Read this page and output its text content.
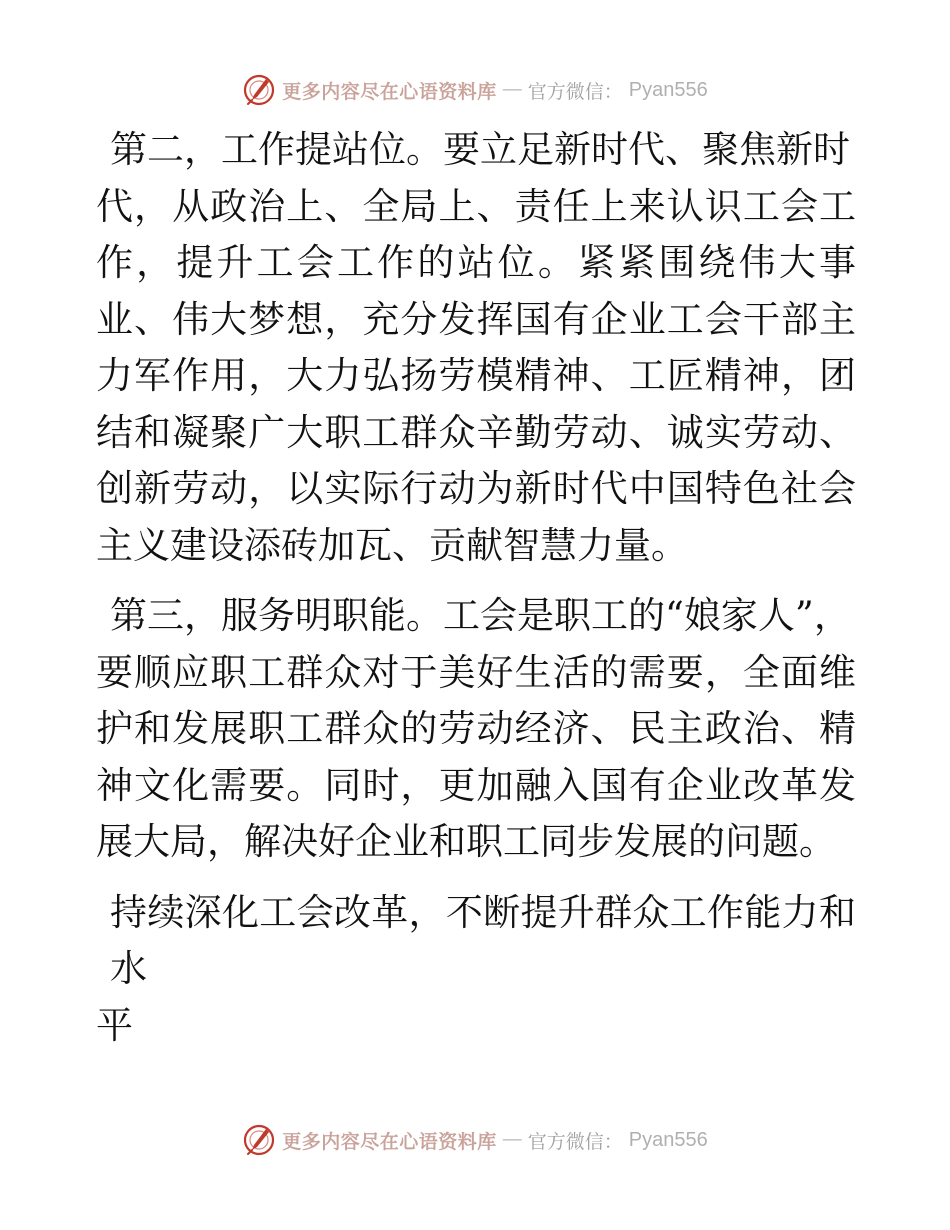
更多内容尽在心语资料库 — 官方微信： Pyan556

第二，工作提站位。要立足新时代、聚焦新时
代，从政治上、全局上、责任上来认识工会工作，提升工会工作的站位。紧紧围绕伟大事业、伟大梦想，充分发挥国有企业工会干部主力军作用，大力弘扬劳模精神、工匠精神，团结和凝聚广大职工群众辛勤劳动、诚实劳动、创新劳动，以实际行动为新时代中国特色社会主义建设添砖加瓦、贡献智慧力量。

第三，服务明职能。工会是职工的“娘家人”，
要顺应职工群众对于美好生活的需要，全面维护和发展职工群众的劳动经济、民主政治、精神文化需要。同时，更加融入国有企业改革发展大局，解决好企业和职工同步发展的问题。

持续深化工会改革，不断提升群众工作能力和水
平

更多内容尽在心语资料库 — 官方微信： Pyan556
